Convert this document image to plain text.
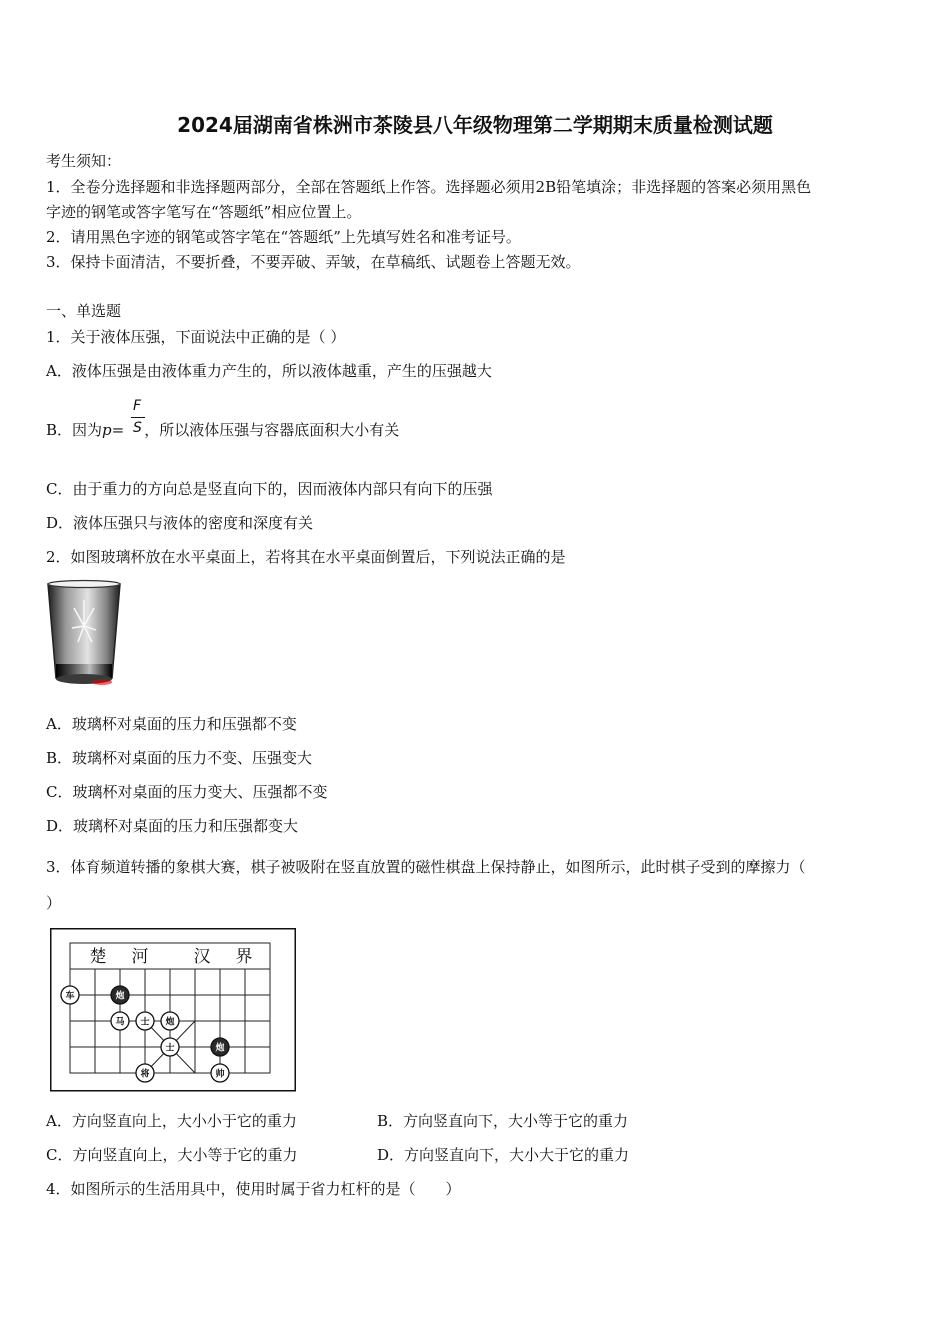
2024届湖南省株洲市茶陵县八年级物理第二学期期末质量检测试题
考生须知：
1．全卷分选择题和非选择题两部分，全部在答题纸上作答。选择题必须用2B铅笔填涂；非选择题的答案必须用黑色
字迹的钢笔或答字笔写在“答题纸”相应位置上。
2．请用黑色字迹的钢笔或答字笔在“答题纸”上先填写姓名和准考证号。
3．保持卡面清洁，不要折叠，不要弄破、弄皱，在草稿纸、试题卷上答题无效。
一、单选题
1．关于液体压强，下面说法中正确的是（ ）
A．液体压强是由液体重力产生的，所以液体越重，产生的压强越大
B．因为p= ，所以液体压强与容器底面积大小有关
F
S
C．由于重力的方向总是竖直向下的，因而液体内部只有向下的压强
D．液体压强只与液体的密度和深度有关
2．如图玻璃杯放在水平桌面上，若将其在水平桌面倒置后，下列说法正确的是
A．玻璃杯对桌面的压力和压强都不变
B．玻璃杯对桌面的压力不变、压强变大
C．玻璃杯对桌面的压力变大、压强都不变
D．玻璃杯对桌面的压力和压强都变大
3．体育频道转播的象棋大赛，棋子被吸附在竖直放置的磁性棋盘上保持静止，如图所示，此时棋子受到的摩擦力（
）
楚 河	汉 界
车	炮
马 士 炮
士	炮
将	帅
A．方向竖直向上，大小小于它的重力	B．方向竖直向下，大小等于它的重力
C．方向竖直向上，大小等于它的重力	D．方向竖直向下，大小大于它的重力
4．如图所示的生活用具中，使用时属于省力杠杆的是（　　）
